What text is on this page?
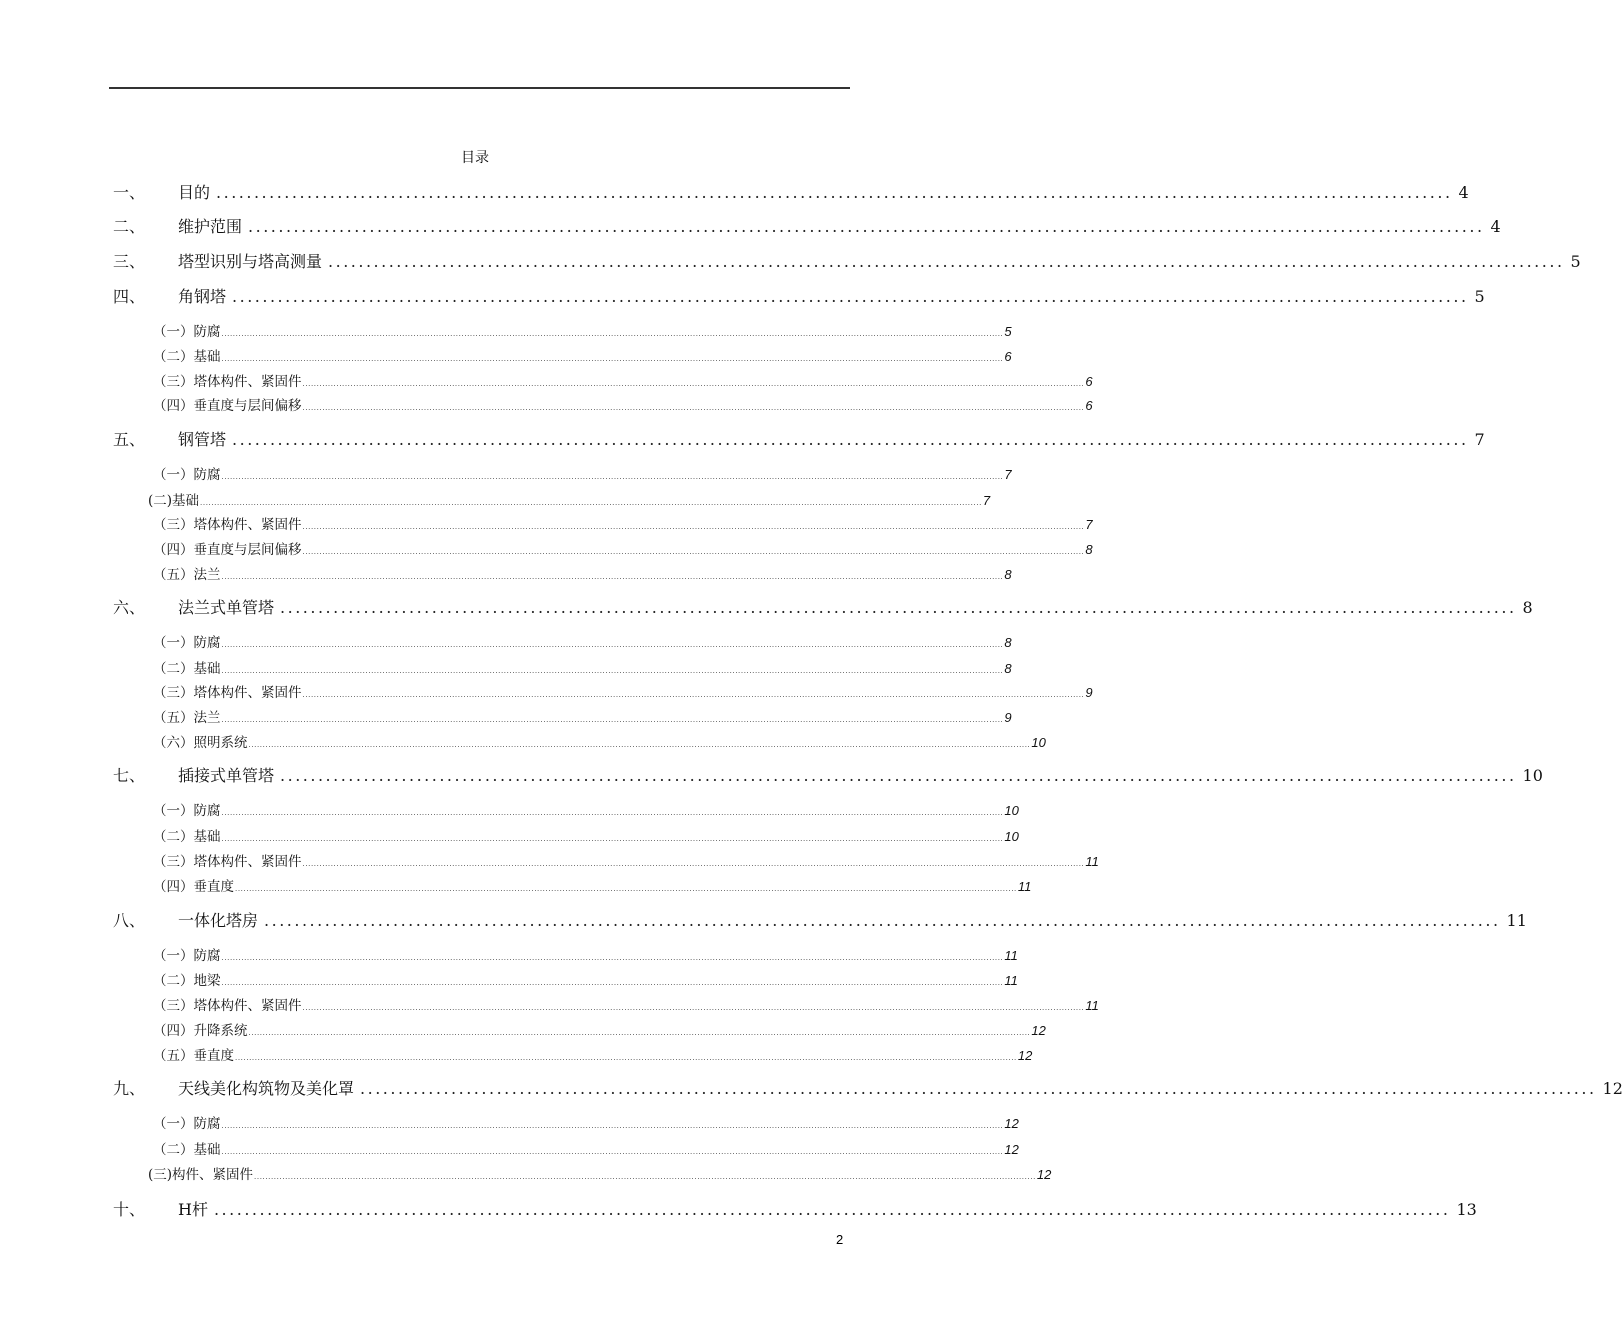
目录
一、	目的 ................................................................................................................................................................... 4
二、	维护范围 ................................................................................................................................................................... 4
三、	塔型识别与塔高测量 ................................................................................................................................................................... 5
四、	角钢塔 ................................................................................................................................................................... 5
（一）防腐 ..................................................................................................................................................................................................................................................................................... 5
（二）基础 ..................................................................................................................................................................................................................................................................................... 6
（三）塔体构件、紧固件 ..................................................................................................................................................................................................................................................................................... 6
（四）垂直度与层间偏移 ..................................................................................................................................................................................................................................................................................... 6
五、	钢管塔 ................................................................................................................................................................... 7
（一）防腐 ..................................................................................................................................................................................................................................................................................... 7
(二)基础 ..................................................................................................................................................................................................................................................................................... 7
（三）塔体构件、紧固件 ..................................................................................................................................................................................................................................................................................... 7
（四）垂直度与层间偏移 ..................................................................................................................................................................................................................................................................................... 8
（五）法兰 ..................................................................................................................................................................................................................................................................................... 8
六、	法兰式单管塔 ................................................................................................................................................................... 8
（一）防腐 ..................................................................................................................................................................................................................................................................................... 8
（二）基础 ..................................................................................................................................................................................................................................................................................... 8
（三）塔体构件、紧固件 ..................................................................................................................................................................................................................................................................................... 9
（五）法兰 ..................................................................................................................................................................................................................................................................................... 9
（六）照明系统 ..................................................................................................................................................................................................................................................................................... 10
七、	插接式单管塔 ................................................................................................................................................................... 10
（一）防腐 ..................................................................................................................................................................................................................................................................................... 10
（二）基础 ..................................................................................................................................................................................................................................................................................... 10
（三）塔体构件、紧固件 ..................................................................................................................................................................................................................................................................................... 11
（四）垂直度 ..................................................................................................................................................................................................................................................................................... 11
八、	一体化塔房 ................................................................................................................................................................... 11
（一）防腐 ..................................................................................................................................................................................................................................................................................... 11
（二）地梁 ..................................................................................................................................................................................................................................................................................... 11
（三）塔体构件、紧固件 ..................................................................................................................................................................................................................................................................................... 11
（四）升降系统 ..................................................................................................................................................................................................................................................................................... 12
（五）垂直度 ..................................................................................................................................................................................................................................................................................... 12
九、	天线美化构筑物及美化罩 ................................................................................................................................................................... 12
（一）防腐 ..................................................................................................................................................................................................................................................................................... 12
（二）基础 ..................................................................................................................................................................................................................................................................................... 12
(三)构件、紧固件 ..................................................................................................................................................................................................................................................................................... 12
十、	H杆 ................................................................................................................................................................... 13
2
